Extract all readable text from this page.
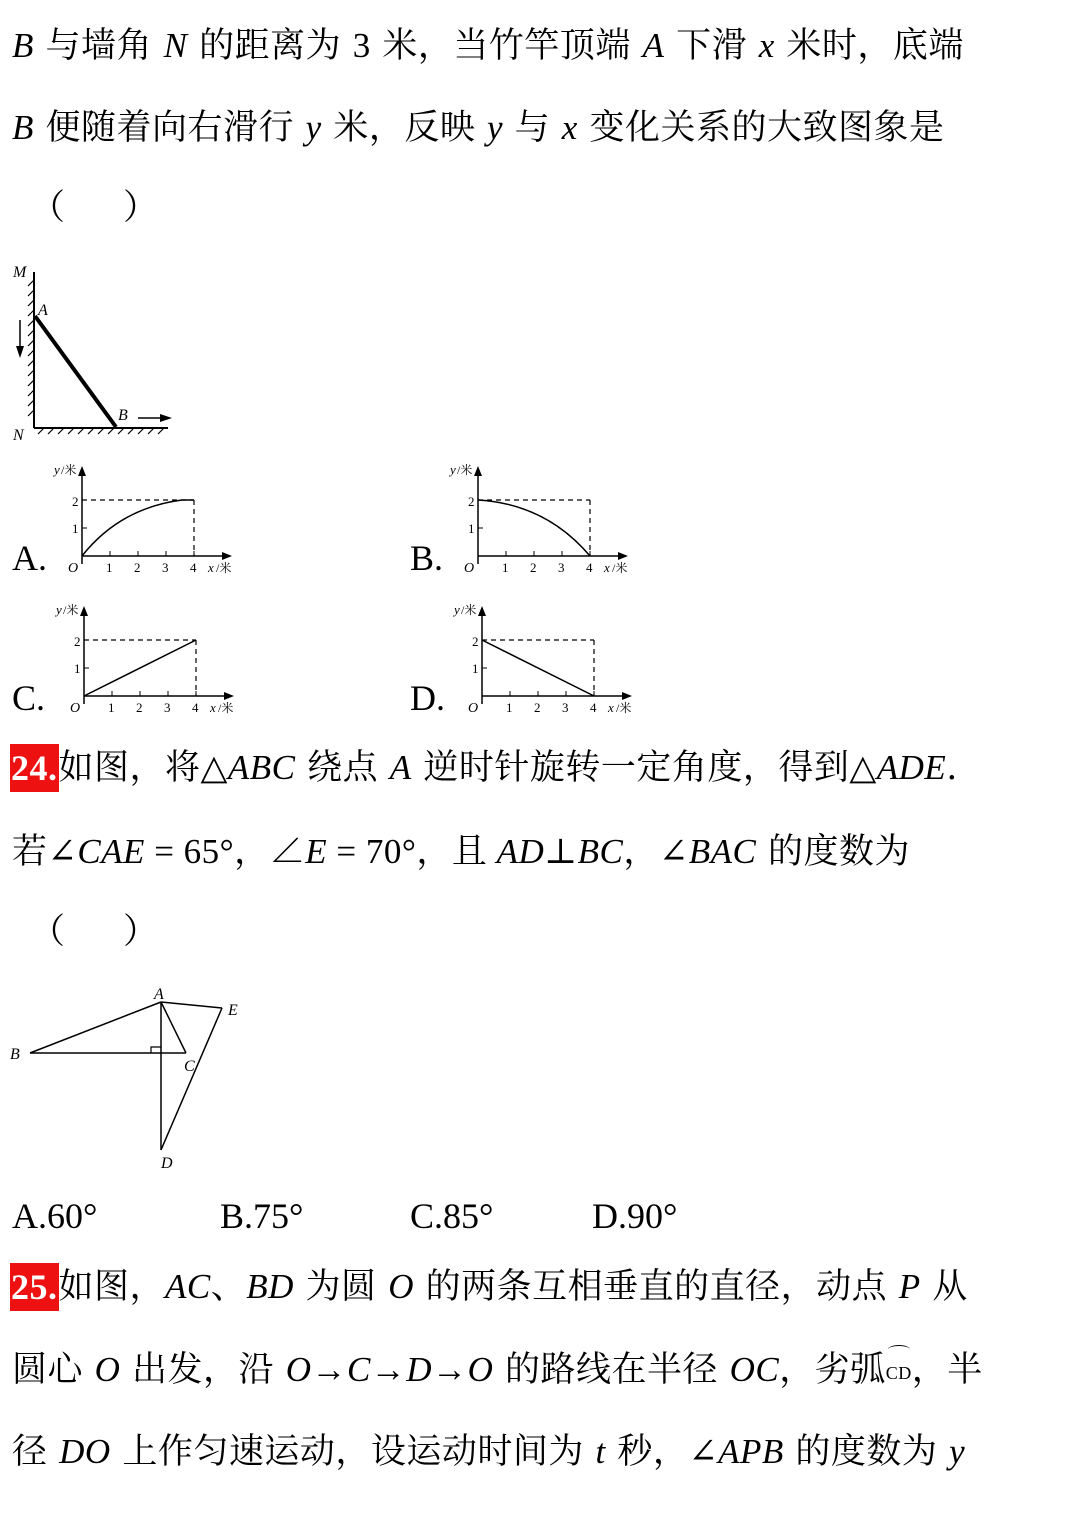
B 与墙角 N 的距离为 3 米，当竹竿顶端 A 下滑 x 米时，底端
B 便随着向右滑行 y 米，反映 y 与 x 变化关系的大致图象是
（ ）
M
A
B
N
A.
2
1
1 2 3 4
O	x /米
y /米
B.
2
1
1 2 3 4
O	x /米
y /米
C.
2
1
1 2 3 4
O	x /米
y /米
D.
2
1
1 2 3 4
O	x /米
y /米
24.如图，将△ABC 绕点 A 逆时针旋转一定角度，得到△ADE.
若∠CAE = 65°，∠E = 70°，且 AD⊥BC，∠BAC 的度数为
（ ）
A
B
C
D
E
A.60°	B.75°	C.85°	D.90°
25.如图，AC、BD 为圆 O 的两条互相垂直的直径，动点 P 从
圆心 O 出发，沿 O→C→D→O 的路线在半径 OC，劣弧CD，半
径 DO 上作匀速运动，设运动时间为 t 秒，∠APB 的度数为 y
